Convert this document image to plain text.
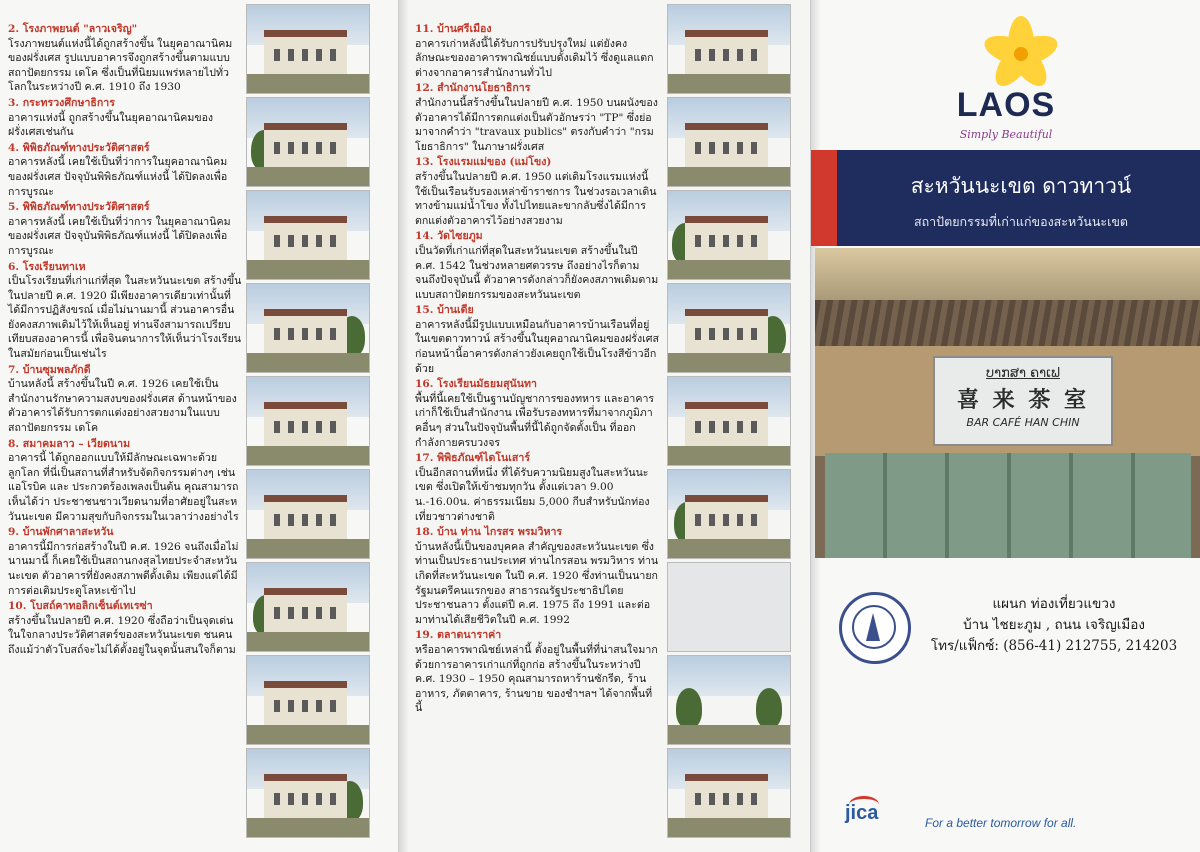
2. โรงภาพยนต์ "ลาวเจริญ"

โรงภาพยนต์แห่งนี้ได้ถูกสร้างขึ้น ในยุคอาณานิคมของฝรั่งเศส รูปแบบอาคารจึงถูกสร้างขึ้นตามแบบสถาปัตยกรรม เดโค ซึ่งเป็นที่นิยมแพร่หลายไปทั่วโลกในระหว่างปี ค.ศ. 1910 ถึง 1930

3. กระทรวงศึกษาธิการ

อาคารแห่งนี้ ถูกสร้างขึ้นในยุคอาณานิคมของฝรั่งเศสเช่นกัน

4. พิพิธภัณฑ์ทางประวัติศาสตร์

อาคารหลังนี้ เคยใช้เป็นที่ว่าการในยุคอาณานิคมของฝรั่งเศส ปัจจุบันพิพิธภัณฑ์แห่งนี้ ได้ปิดลงเพื่อการบูรณะ

5. พิพิธภัณฑ์ทางประวัติศาสตร์

อาคารหลังนี้ เคยใช้เป็นที่ว่าการ ในยุคอาณานิคมของฝรั่งเศส ปัจจุบันพิพิธภัณฑ์แห่งนี้ ได้ปิดลงเพื่อการบูรณะ

6. โรงเรียนทาเห

เป็นโรงเรียนที่เก่าแก่ที่สุด ในสะหวันนะเขต สร้างขึ้นในปลายปี ค.ศ. 1920 มีเพียงอาคารเดียวเท่านั้นที่ได้มีการปฏิสังขรณ์ เมื่อไม่นานมานี้ ส่วนอาคารอื่นยังคงสภาพเดิมไว้ให้เห็นอยู่ ท่านจึงสามารถเปรียบเทียบสองอาคารนี้ เพื่อจินตนาการให้เห็นว่าโรงเรียนในสมัยก่อนเป็นเช่นไร

7. บ้านซุมพลภักดี

บ้านหลังนี้ สร้างขึ้นในปี ค.ศ. 1926 เคยใช้เป็นสำนักงานรักษาความสงบของฝรั่งเศส ด้านหน้าของตัวอาคารได้รับการตกแต่งอย่างสวยงามในแบบสถาปัตยกรรม เดโค

8. สมาคมลาว – เวียดนาม

อาคารนี้ ได้ถูกออกแบบให้มีลักษณะเฉพาะด้วยลูกโลก ที่นี่เป็นสถานที่สำหรับจัดกิจกรรมต่างๆ เช่น แอโรบิค และ ประกวดร้องเพลงเป็นต้น คุณสามารถเห็นได้ว่า ประชาชนชาวเวียดนามที่อาศัยอยู่ในสะหวันนะเขต มีความสุขกับกิจกรรมในเวลาว่างอย่างไร

9. บ้านพักศาลาสะหวัน

อาคารนี้มีการก่อสร้างในปี ค.ศ. 1926 จนถึงเมื่อไม่นานมานี้ ก็เคยใช้เป็นสถานกงสุลไทยประจำสะหวันนะเขต ตัวอาคารที่ยังคงสภาพดีดั้งเดิม เพียงแต่ได้มีการต่อเติมประตูโลหะเข้าไป

10. โบสถ์คาทอลิกเซ็นต์เทเรซ่า

สร้างขึ้นในปลายปี ค.ศ. 1920 ซึ่งถือว่าเป็นจุดเด่นในใจกลางประวัติศาสตร์ของสะหวันนะเขต ชนคน ถึงแม้ว่าตัวโบสถ์จะไม่ได้ตั้งอยู่ในจุดนั้นสนใจก็ตาม

11. บ้านศรีเมือง

อาคารเก่าหลังนี้ได้รับการปรับปรุงใหม่ แต่ยังคงลักษณะของอาคารพาณิชย์แบบดั้งเดิมไว้ ซึ่งดูแลแตกต่างจากอาคารสำนักงานทั่วไป

12. สำนักงานโยธาธิการ

สำนักงานนี้สร้างขึ้นในปลายปี ค.ศ. 1950 บนผนังของตัวอาคารได้มีการตกแต่งเป็นตัวอักษรว่า "TP" ซึ่งย่อมาจากคำว่า "travaux publics" ตรงกับคำว่า "กรมโยธาธิการ" ในภาษาฝรั่งเศส

13. โรงแรมแม่ของ (แม่โขง)

สร้างขึ้นในปลายปี ค.ศ. 1950 แต่เดิมโรงแรมแห่งนี้ใช้เป็นเรือนรับรองเหล่าข้าราชการ ในช่วงรอเวลาเดินทางข้ามแม่น้ำโขง ทั้งไปไทยและขากลับซึ่งได้มีการตกแต่งตัวอาคารไว้อย่างสวยงาม

14. วัดไซยภูม

เป็นวัดที่เก่าแก่ที่สุดในสะหวันนะเขต สร้างขึ้นในปี ค.ศ. 1542 ในช่วงหลายศตวรรษ ถึงอย่างไรก็ตามจนถึงปัจจุบันนี้ ตัวอาคารดังกล่าวก็ยังคงสภาพเดิมตามแบบสถาปัตยกรรมของสะหวันนะเขต

15. บ้านเดีย

อาคารหลังนี้มีรูปแบบเหมือนกับอาคารบ้านเรือนที่อยู่ในเขตดาวทาวน์ สร้างขึ้นในยุคอาณานิคมของฝรั่งเศส ก่อนหน้านี้อาคารดังกล่าวยังเคยถูกใช้เป็นโรงสีข้าวอีกด้วย

16. โรงเรียนมัธยมสุนันทา

พื้นที่นี้เคยใช้เป็นฐานบัญชาการของทหาร และอาคารเก่าก็ใช้เป็นสำนักงาน เพื่อรับรองทหารที่มาจากภูมิภาคอื่นๆ ส่วนในปัจจุบันพื้นที่นี้ได้ถูกจัดตั้งเป็น ที่ออกกำลังกายครบวงจร

17. พิพิธภัณฑ์ไดโนเสาร์

เป็นอีกสถานที่หนึ่ง ที่ได้รับความนิยมสูงในสะหวันนะเขต ซึ่งเปิดให้เข้าชมทุกวัน ตั้งแต่เวลา 9.00 น.-16.00น. ค่าธรรมเนียม 5,000 กีบสำหรับนักท่องเที่ยวชาวต่างชาติ

18. บ้าน ท่าน ไกรสร พรมวิหาร

บ้านหลังนี้เป็นของบุคคล สำคัญของสะหวันนะเขต ซึ่งท่านเป็นประธานประเทศ ท่านไกรสอน พรมวิหาร ท่านเกิดที่สะหวันนะเขต ในปี ค.ศ. 1920 ซึ่งท่านเป็นนายกรัฐมนตรีคนแรกของ สาธารณรัฐประชาธิปไตยประชาชนลาว ตั้งแต่ปี ค.ศ. 1975 ถึง 1991 และต่อมาท่านได้เสียชีวิตในปี ค.ศ. 1992

19. ตลาดนาราค่า

หรืออาคารพาณิชย์เหล่านี้ ตั้งอยู่ในพื้นที่ที่น่าสนใจมากด้วยการอาคารเก่าแก่ที่ถูกก่อ สร้างขึ้นในระหว่างปี ค.ศ. 1930 – 1950 คุณสามารถหาร้านซักรีด, ร้านอาหาร, ภัตตาคาร, ร้านขาย ของชำฯลฯ ได้จากพื้นที่นี้

LAOS
Simply Beautiful
สะหวันนะเขต ดาวทาวน์
สถาปัตยกรรมที่เก่าแก่ของสะหวันนะเขต
ບາກສາ ຄາເຟ
喜 来 茶 室
BAR CAFÉ HAN CHIN
แผนก ท่องเที่ยวแขวง
บ้าน ไชยะภูม , ถนน เจริญเมือง
โทร/แฟ็กซ์: (856-41) 212755, 214203
jica	For a better tomorrow for all.
